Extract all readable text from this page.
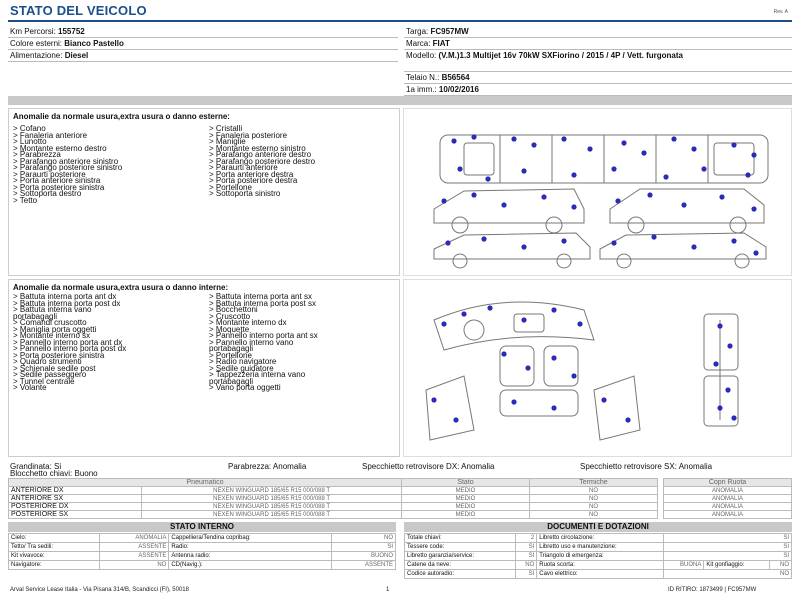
STATO DEL VEICOLO	Rev. A
Km Percorsi: 155752
Colore esterni: Bianco Pastello
Alimentazione: Diesel
Targa: FC957MW
Marca: FIAT
Modello: (V.M.)1.3 Multijet 16v 70kW SXFiorino / 2015 / 4P / Vett. furgonata
Telaio N.: B56564
1a imm.: 10/02/2016
Anomalie da normale usura,extra usura o danno esterne:
> Cofano
> Fanaleria anteriore
> Lunotto
> Montante esterno destro
> Parabrezza
> Parafango anteriore sinistro
> Parafango posteriore sinistro
> Paraurti posteriore
> Porta anteriore sinistra
> Porta posteriore sinistra
> Sottoporta destro
> Tetto
> Cristalli
> Fanaleria posteriore
> Maniglie
> Montante esterno sinistro
> Parafango anteriore destro
> Parafango posteriore destro
> Paraurti anteriore
> Porta anteriore destra
> Porta posteriore destra
> Portellone
> Sottoporta sinistro
Anomalie da normale usura,extra usura o danno interne:
> Battuta interna porta ant dx
> Battuta interna porta post dx
> Battuta interna vano
portabagagli
> Comandi cruscotto
> Maniglia porta oggetti
> Montante interno sx
> Pannello interno porta ant dx
> Pannello interno porta post dx
> Porta posteriore sinistra
> Quadro strumenti
> Schienale sedile post
> Sedile passeggero
> Tunnel centrale
> Volante
> Battuta interna porta ant sx
> Battuta interna porta post sx
> Bocchettoni
> Cruscotto
> Montante interno dx
> Moquette
> Pannello interno porta ant sx
> Pannello interno vano
portabagagli
> Portellone
> Radio navigatore
> Sedile guidatore
> Tappezzeria interna vano
portabagagli
> Vano porta oggetti
Grandinata: Si	Parabrezza: Anomalia	Specchietto retrovisore DX: Anomalia	Specchietto retrovisore SX: Anomalia
Blocchetto chiavi: Buono
Pneumatico		Stato	Termiche		Copri Ruota
ANTERIORE DX	NEXEN WINGUARD 185/65 R15 000/088 T	MEDIO	NO		ANOMALIA
ANTERIORE SX	NEXEN WINGUARD 185/65 R15 000/088 T	MEDIO	NO		ANOMALIA
POSTERIORE DX	NEXEN WINGUARD 185/65 R15 000/088 T	MEDIO	NO		ANOMALIA
POSTERIORE SX	NEXEN WINGUARD 185/65 R15 000/088 T	MEDIO	NO		ANOMALIA
STATO INTERNO	DOCUMENTI E DOTAZIONI
Cielo:	ANOMALIA	Cappelliera/Tendina copribag:	NO
Tetto/ Tra sedili:	ASSENTE	Radio:	SI
Kit vivavoce:	ASSENTE	Antenna radio:	BUONO
Navigatore:	NO	CD(Navig.):	ASSENTE
Totale chiavi:	2	Libretto circolazione:	SI		
Tessere code:	SI	Libretto uso e manutenzione:	SI		
Libretto garanzia/service:	SI	Triangolo di emergenza:	SI		
Catene da neve:	NO	Ruota scorta:	BUONA	Kit gonfiaggio:	NO
Codice autoradio:	SI	Cavo elettrico:	NO		
Arval Service Lease Italia - Via Pisana 314/B, Scandicci (FI), 50018	1	ID RITIRO: 1873499 | FC957MW
